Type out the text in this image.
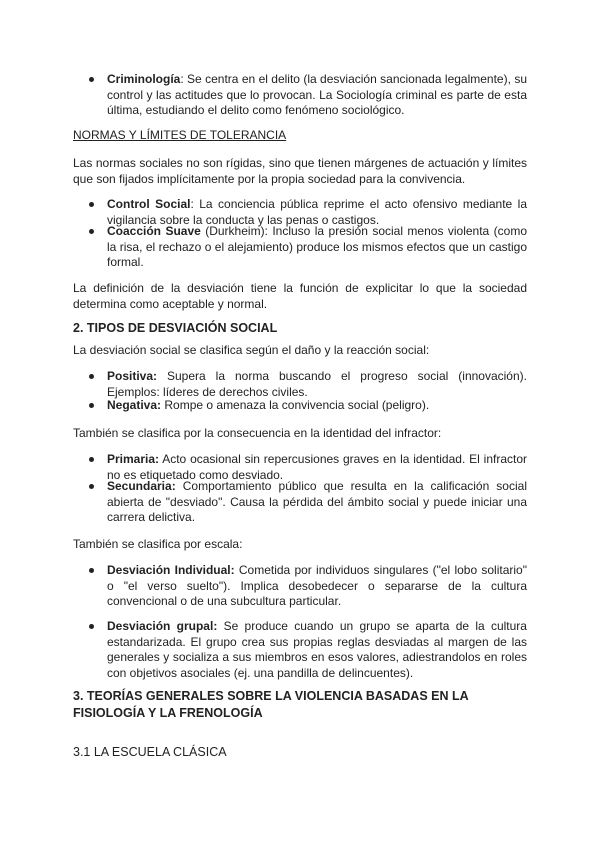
Criminología: Se centra en el delito (la desviación sancionada legalmente), su control y las actitudes que lo provocan. La Sociología criminal es parte de esta última, estudiando el delito como fenómeno sociológico.
NORMAS Y LÍMITES DE TOLERANCIA
Las normas sociales no son rígidas, sino que tienen márgenes de actuación y límites que son fijados implícitamente por la propia sociedad para la convivencia.
Control Social: La conciencia pública reprime el acto ofensivo mediante la vigilancia sobre la conducta y las penas o castigos.
Coacción Suave (Durkheim): Incluso la presión social menos violenta (como la risa, el rechazo o el alejamiento) produce los mismos efectos que un castigo formal.
La definición de la desviación tiene la función de explicitar lo que la sociedad determina como aceptable y normal.
2. TIPOS DE DESVIACIÓN SOCIAL
La desviación social se clasifica según el daño y la reacción social:
Positiva: Supera la norma buscando el progreso social (innovación). Ejemplos: líderes de derechos civiles.
Negativa: Rompe o amenaza la convivencia social (peligro).
También se clasifica por la consecuencia en la identidad del infractor:
Primaria: Acto ocasional sin repercusiones graves en la identidad. El infractor no es etiquetado como desviado.
Secundaria: Comportamiento público que resulta en la calificación social abierta de "desviado". Causa la pérdida del ámbito social y puede iniciar una carrera delictiva.
También se clasifica por escala:
Desviación Individual: Cometida por individuos singulares ("el lobo solitario" o "el verso suelto"). Implica desobedecer o separarse de la cultura convencional o de una subcultura particular.
Desviación grupal: Se produce cuando un grupo se aparta de la cultura estandarizada. El grupo crea sus propias reglas desviadas al margen de las generales y socializa a sus miembros en esos valores, adiestrandolos en roles con objetivos asociales (ej. una pandilla de delincuentes).
3. TEORÍAS GENERALES SOBRE LA VIOLENCIA BASADAS EN LA FISIOLOGÍA Y LA FRENOLOGÍA
3.1 LA ESCUELA CLÁSICA
